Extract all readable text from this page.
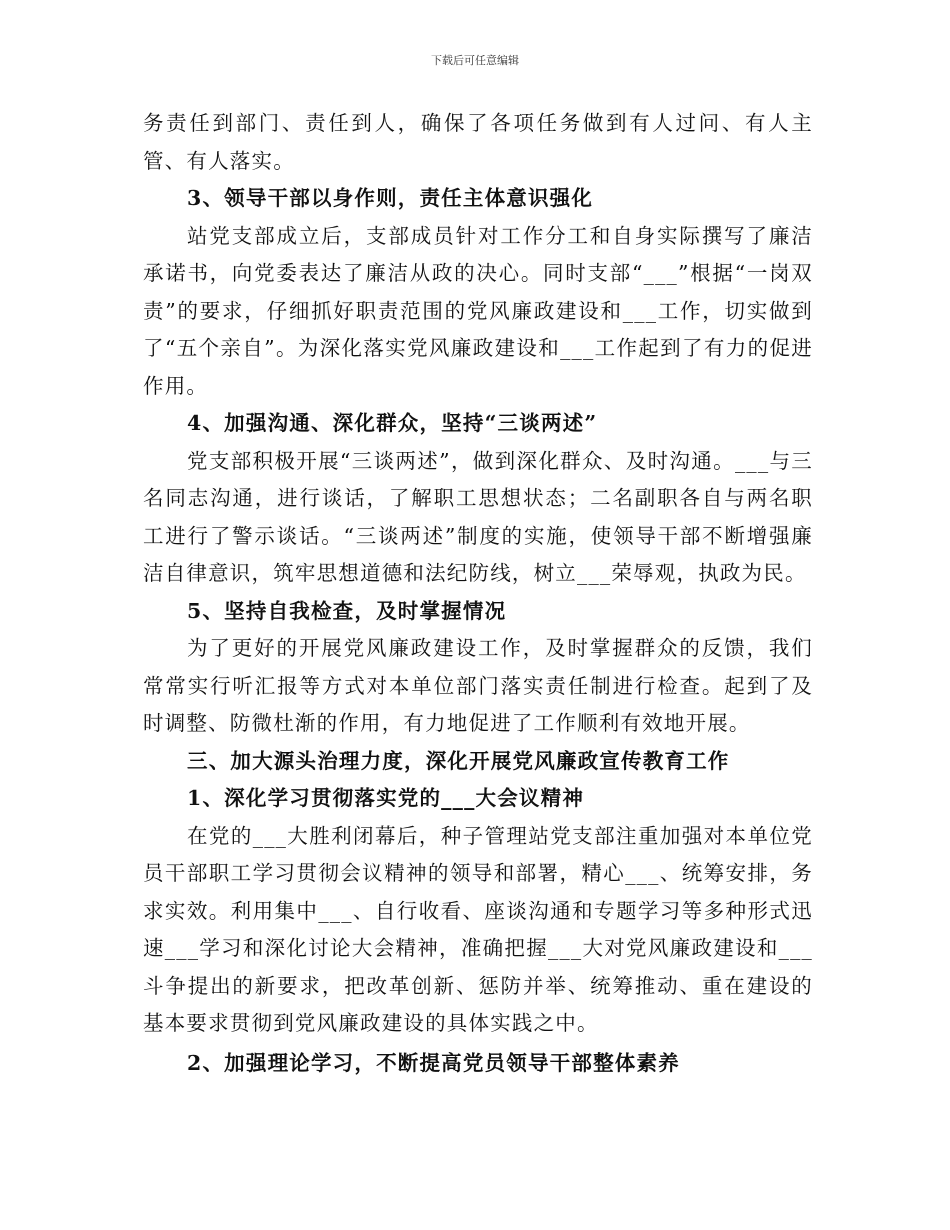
下载后可任意编辑

务责任到部门、责任到人，确保了各项任务做到有人过问、有人主管、有人落实。

3、领导干部以身作则，责任主体意识强化

站党支部成立后，支部成员针对工作分工和自身实际撰写了廉洁承诺书，向党委表达了廉洁从政的决心。同时支部“___”根据“一岗双责”的要求，仔细抓好职责范围的党风廉政建设和___工作，切实做到了“五个亲自”。为深化落实党风廉政建设和___工作起到了有力的促进作用。

4、加强沟通、深化群众，坚持“三谈两述”

党支部积极开展“三谈两述”，做到深化群众、及时沟通。___与三名同志沟通，进行谈话，了解职工思想状态；二名副职各自与两名职工进行了警示谈话。“三谈两述”制度的实施，使领导干部不断增强廉洁自律意识，筑牢思想道德和法纪防线，树立___荣辱观，执政为民。

5、坚持自我检查，及时掌握情况

为了更好的开展党风廉政建设工作，及时掌握群众的反馈，我们常常实行听汇报等方式对本单位部门落实责任制进行检查。起到了及时调整、防微杜渐的作用，有力地促进了工作顺利有效地开展。

三、加大源头治理力度，深化开展党风廉政宣传教育工作

1、深化学习贯彻落实党的___大会议精神

在党的___大胜利闭幕后，种子管理站党支部注重加强对本单位党员干部职工学习贯彻会议精神的领导和部署，精心___、统筹安排，务求实效。利用集中___、自行收看、座谈沟通和专题学习等多种形式迅速___学习和深化讨论大会精神，准确把握___大对党风廉政建设和___斗争提出的新要求，把改革创新、惩防并举、统筹推动、重在建设的基本要求贯彻到党风廉政建设的具体实践之中。

2、加强理论学习，不断提高党员领导干部整体素养
